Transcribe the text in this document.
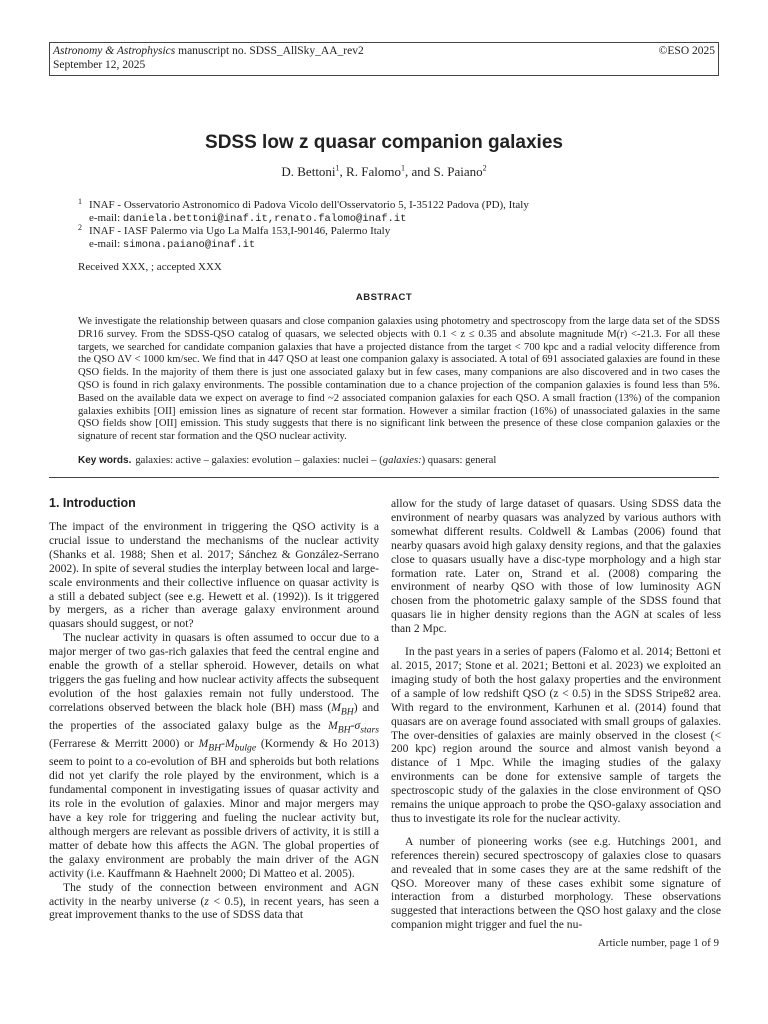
Astronomy & Astrophysics manuscript no. SDSS_AllSky_AA_rev2
September 12, 2025
©ESO 2025
SDSS low z quasar companion galaxies
D. Bettoni$^1$, R. Falomo$^1$, and S. Paiano$^2$
1 INAF - Osservatorio Astronomico di Padova Vicolo dell'Osservatorio 5, I-35122 Padova (PD), Italy
e-mail: daniela.bettoni@inaf.it,renato.falomo@inaf.it
2 INAF - IASF Palermo via Ugo La Malfa 153,I-90146, Palermo Italy
e-mail: simona.paiano@inaf.it
Received XXX, ; accepted XXX
ABSTRACT
We investigate the relationship between quasars and close companion galaxies using photometry and spectroscopy from the large data set of the SDSS DR16 survey. From the SDSS-QSO catalog of quasars, we selected objects with 0.1 < z ≤ 0.35 and absolute magnitude M(r) <-21.3. For all these targets, we searched for candidate companion galaxies that have a projected distance from the target < 700 kpc and a radial velocity difference from the QSO ΔV < 1000 km/sec. We find that in 447 QSO at least one companion galaxy is associated. A total of 691 associated galaxies are found in these QSO fields. In the majority of them there is just one associated galaxy but in few cases, many companions are also discovered and in two cases the QSO is found in rich galaxy environments. The possible contamination due to a chance projection of the companion galaxies is found less than 5%. Based on the available data we expect on average to find ~2 associated companion galaxies for each QSO. A small fraction (13%) of the companion galaxies exhibits [OII] emission lines as signature of recent star formation. However a similar fraction (16%) of unassociated galaxies in the same QSO fields show [OII] emission. This study suggests that there is no significant link between the presence of these close companion galaxies or the signature of recent star formation and the QSO nuclear activity.
Key words. galaxies: active – galaxies: evolution – galaxies: nuclei – (galaxies:) quasars: general
1. Introduction

The impact of the environment in triggering the QSO activity is a crucial issue to understand the mechanisms of the nuclear activity (Shanks et al. 1988; Shen et al. 2017; Sánchez & González-Serrano 2002). In spite of several studies the interplay between local and large-scale environments and their collective influence on quasar activity is a still a debated subject (see e.g. Hewett et al. (1992)). Is it triggered by mergers, as a richer than average galaxy environment around quasars should suggest, or not?

The nuclear activity in quasars is often assumed to occur due to a major merger of two gas-rich galaxies that feed the central engine and enable the growth of a stellar spheroid. However, details on what triggers the gas fueling and how nuclear activity affects the subsequent evolution of the host galaxies remain not fully understood. The correlations observed between the black hole (BH) mass $(M_{BH})$ and the properties of the associated galaxy bulge as the $M_{BH}-\sigma_{stars}$ (Ferrarese & Merritt 2000) or $M_{BH}-M_{bulge}$ (Kormendy & Ho 2013) seem to point to a co-evolution of BH and spheroids but both relations did not yet clarify the role played by the environment, which is a fundamental component in investigating issues of quasar activity and its role in the evolution of galaxies. Minor and major mergers may have a key role for triggering and fueling the nuclear activity but, although mergers are relevant as possible drivers of activity, it is still a matter of debate how this affects the AGN. The global properties of the galaxy environment are probably the main driver of the AGN activity (i.e. Kauffmann & Haehnelt 2000; Di Matteo et al. 2005).

The study of the connection between environment and AGN activity in the nearby universe (z < 0.5), in recent years, has seen a great improvement thanks to the use of SDSS data that

allow for the study of large dataset of quasars. Using SDSS data the environment of nearby quasars was analyzed by various authors with somewhat different results. Coldwell & Lambas (2006) found that nearby quasars avoid high galaxy density regions, and that the galaxies close to quasars usually have a disc-type morphology and a high star formation rate. Later on, Strand et al. (2008) comparing the environment of nearby QSO with those of low luminosity AGN chosen from the photometric galaxy sample of the SDSS found that quasars lie in higher density regions than the AGN at scales of less than 2 Mpc.

In the past years in a series of papers (Falomo et al. 2014; Bettoni et al. 2015, 2017; Stone et al. 2021; Bettoni et al. 2023) we exploited an imaging study of both the host galaxy properties and the environment of a sample of low redshift QSO (z < 0.5) in the SDSS Stripe82 area. With regard to the environment, Karhunen et al. (2014) found that quasars are on average found associated with small groups of galaxies. The over-densities of galaxies are mainly observed in the closest (< 200 kpc) region around the source and almost vanish beyond a distance of 1 Mpc. While the imaging studies of the galaxy environments can be done for extensive sample of targets the spectroscopic study of the galaxies in the close environment of QSO remains the unique approach to probe the QSO-galaxy association and thus to investigate its role for the nuclear activity.

A number of pioneering works (see e.g. Hutchings 2001, and references therein) secured spectroscopy of galaxies close to quasars and revealed that in some cases they are at the same redshift of the QSO. Moreover many of these cases exhibit some signature of interaction from a disturbed morphology. These observations suggested that interactions between the QSO host galaxy and the close companion might trigger and fuel the nu-

Article number, page 1 of 9
